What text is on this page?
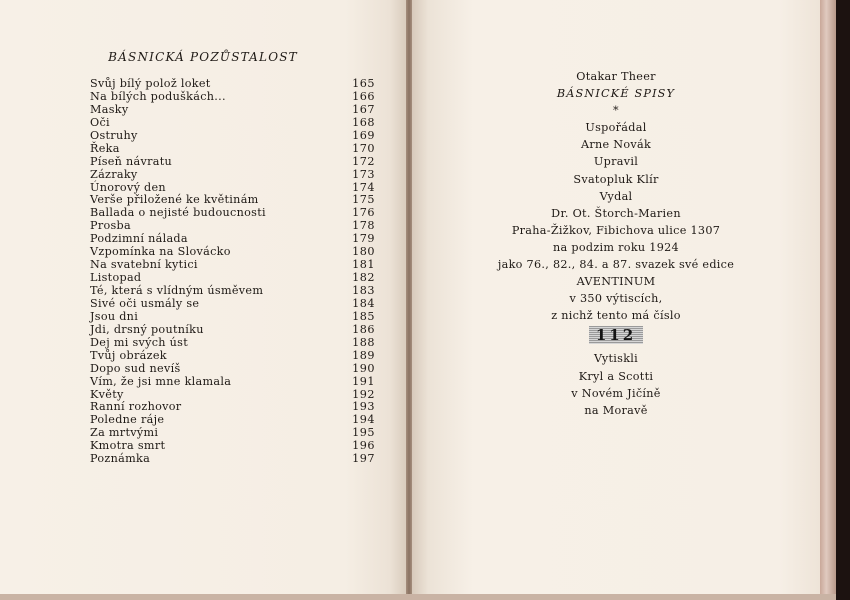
BÁSNICKÁ POZŮSTALOST
Svůj bílý polož loket	165
Na bílých poduškách...	166
Masky	167
Oči	168
Ostruhy	169
Řeka	170
Píseň návratu	172
Zázraky	173
Únorový den	174
Verše přiložené ke květinám	175
Ballada o nejisté budoucnosti	176
Prosba	178
Podzimní nálada	179
Vzpomínka na Slovácko	180
Na svatební kytici	181
Listopad	182
Té, která s vlídným úsměvem	183
Sivé oči usmály se	184
Jsou dni	185
Jdi, drsný poutníku	186
Dej mi svých úst	188
Tvůj obrázek	189
Dopo sud nevíš	190
Vím, že jsi mne klamala	191
Květy	192
Ranní rozhovor	193
Poledne ráje	194
Za mrtvými	195
Kmotra smrt	196
Poznámka	197
Otakar Theer
BÁSNICKÉ SPISY
*
Uspořádal
Arne Novák
Upravil
Svatopluk Klír
Vydal
Dr. Ot. Štorch-Marien
Praha-Žižkov, Fibichova ulice 1307
na podzim roku 1924
jako 76., 82., 84. a 87. svazek své edice
AVENTINUM
v 350 výtiscích,
z nichž tento má číslo
112
Vytiskli
Kryl a Scotti
v Novém Jičíně
na Moravě
